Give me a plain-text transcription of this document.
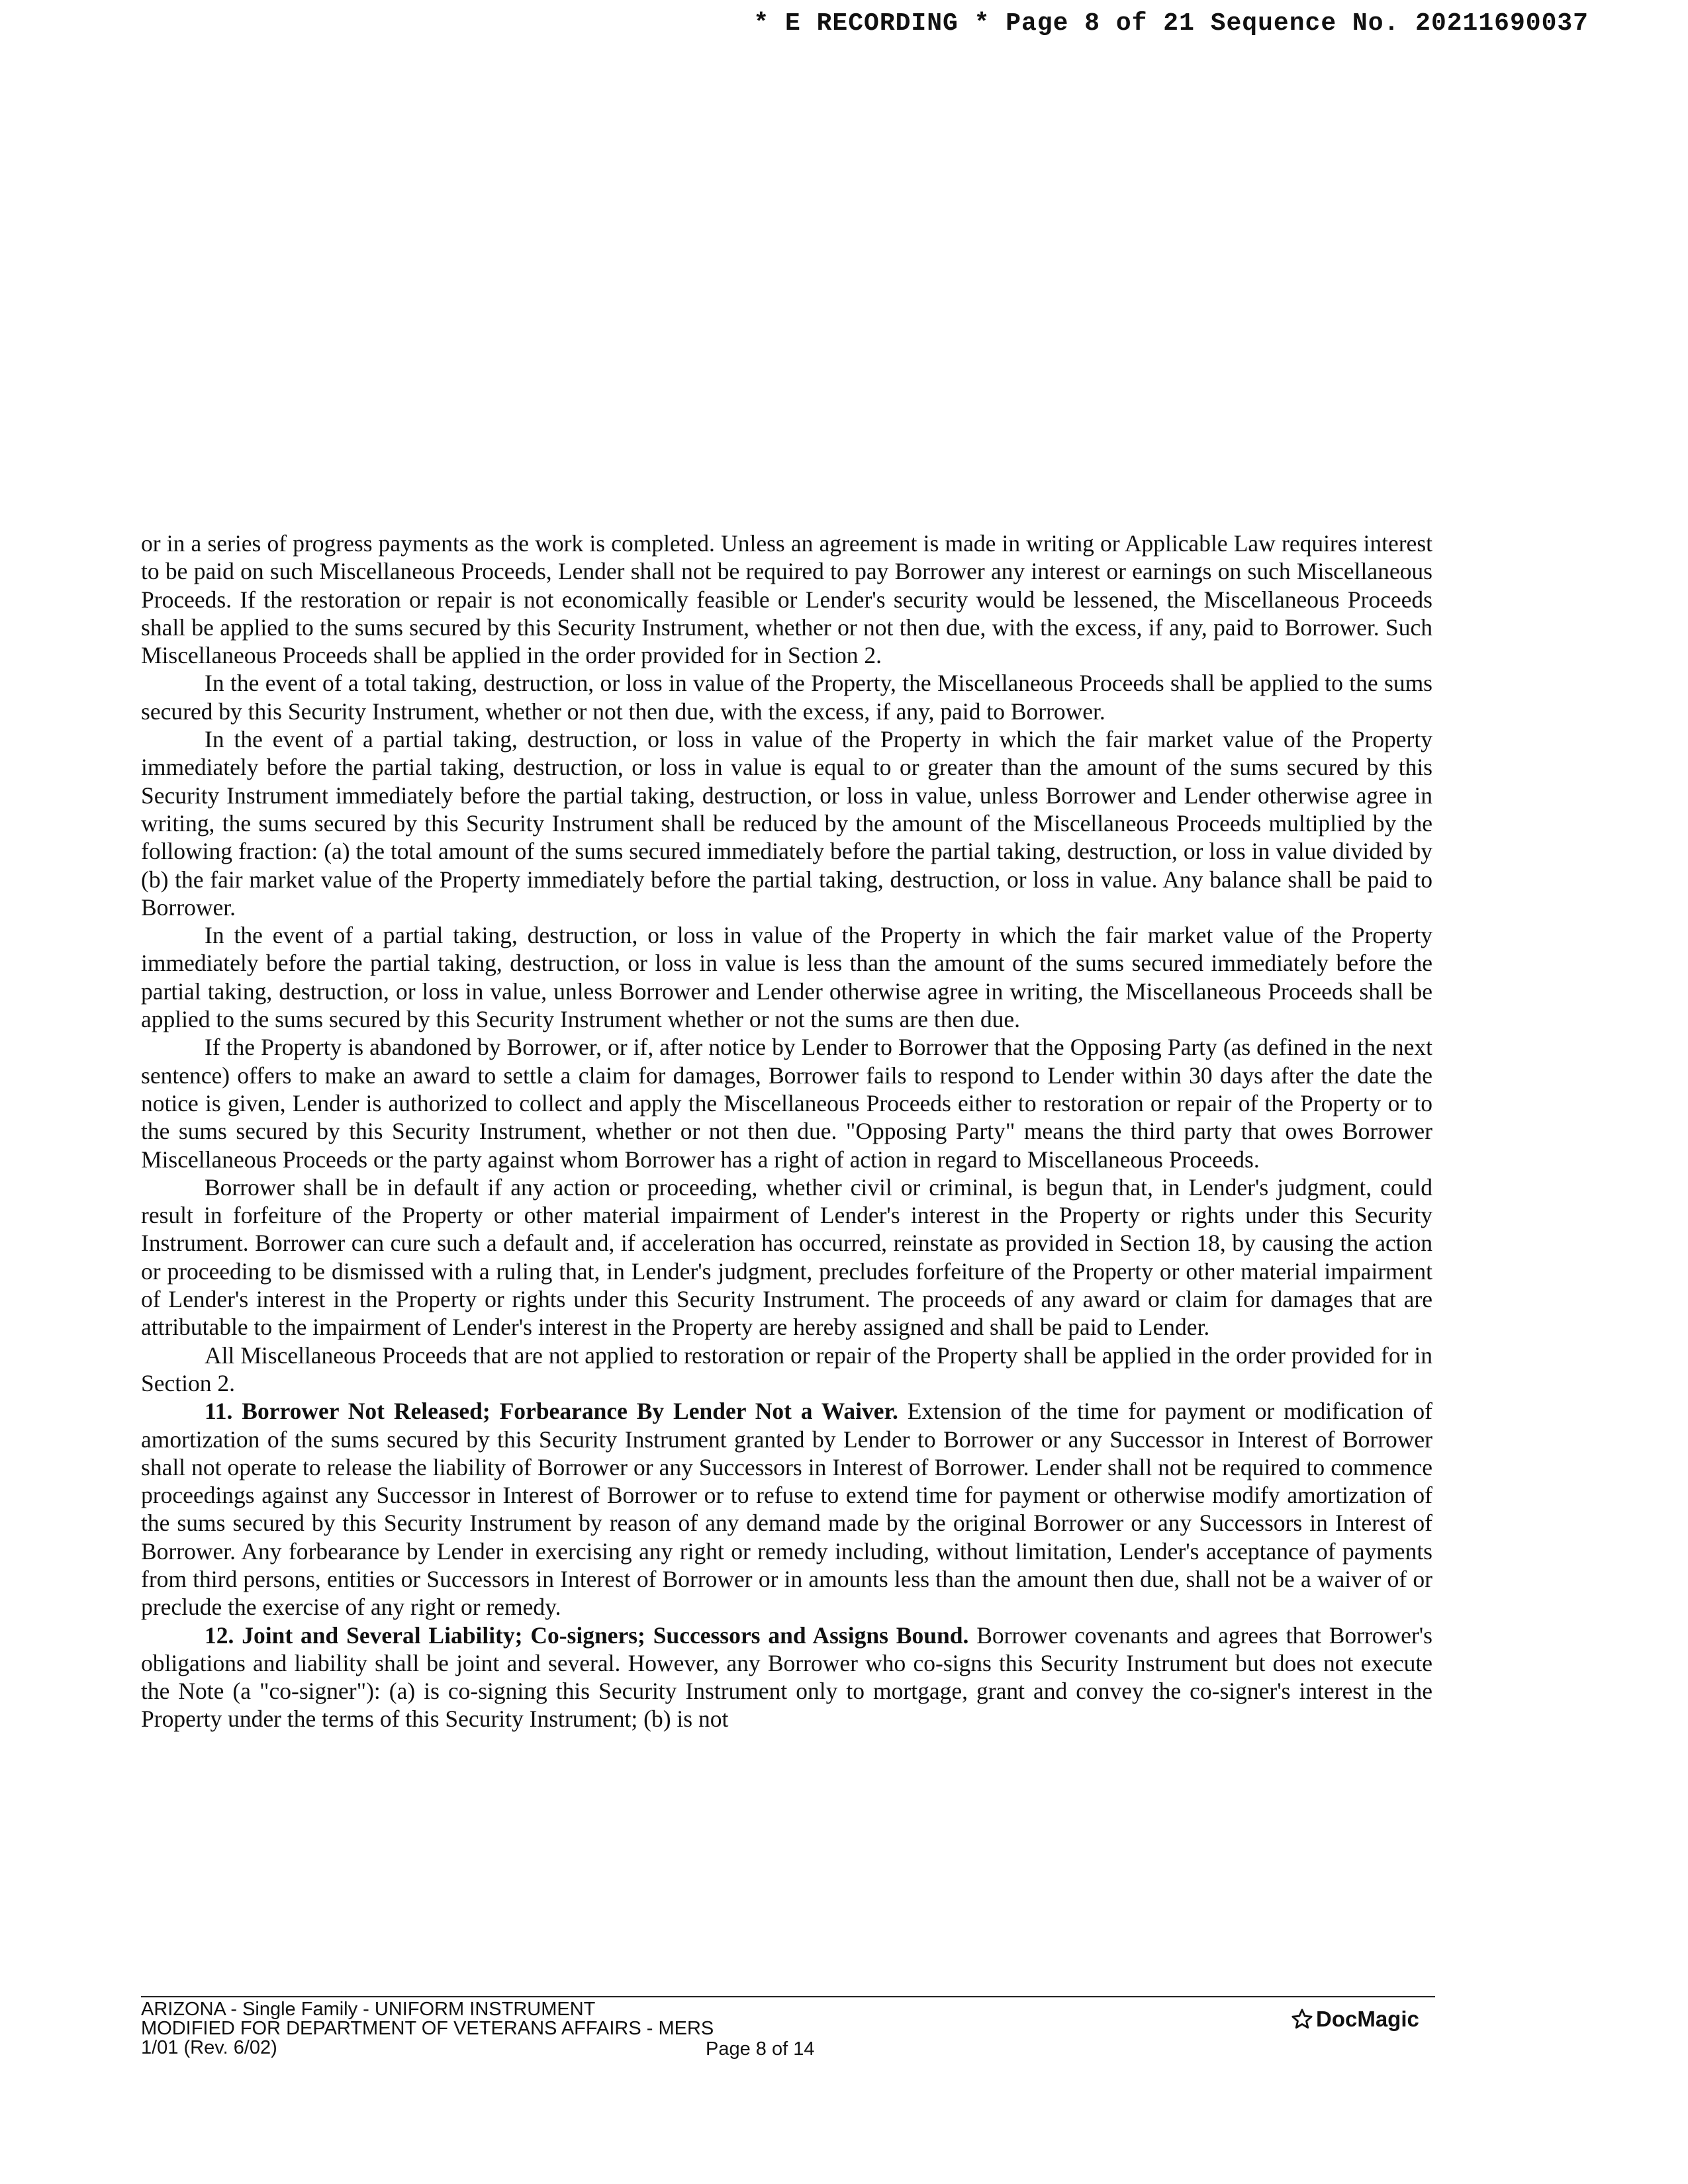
* E RECORDING * Page 8 of 21 Sequence No. 20211690037

or in a series of progress payments as the work is completed. Unless an agreement is made in writing or Applicable Law requires interest to be paid on such Miscellaneous Proceeds, Lender shall not be required to pay Borrower any interest or earnings on such Miscellaneous Proceeds. If the restoration or repair is not economically feasible or Lender's security would be lessened, the Miscellaneous Proceeds shall be applied to the sums secured by this Security Instrument, whether or not then due, with the excess, if any, paid to Borrower. Such Miscellaneous Proceeds shall be applied in the order provided for in Section 2.

In the event of a total taking, destruction, or loss in value of the Property, the Miscellaneous Proceeds shall be applied to the sums secured by this Security Instrument, whether or not then due, with the excess, if any, paid to Borrower.

In the event of a partial taking, destruction, or loss in value of the Property in which the fair market value of the Property immediately before the partial taking, destruction, or loss in value is equal to or greater than the amount of the sums secured by this Security Instrument immediately before the partial taking, destruction, or loss in value, unless Borrower and Lender otherwise agree in writing, the sums secured by this Security Instrument shall be reduced by the amount of the Miscellaneous Proceeds multiplied by the following fraction: (a) the total amount of the sums secured immediately before the partial taking, destruction, or loss in value divided by (b) the fair market value of the Property immediately before the partial taking, destruction, or loss in value. Any balance shall be paid to Borrower.

In the event of a partial taking, destruction, or loss in value of the Property in which the fair market value of the Property immediately before the partial taking, destruction, or loss in value is less than the amount of the sums secured immediately before the partial taking, destruction, or loss in value, unless Borrower and Lender otherwise agree in writing, the Miscellaneous Proceeds shall be applied to the sums secured by this Security Instrument whether or not the sums are then due.

If the Property is abandoned by Borrower, or if, after notice by Lender to Borrower that the Opposing Party (as defined in the next sentence) offers to make an award to settle a claim for damages, Borrower fails to respond to Lender within 30 days after the date the notice is given, Lender is authorized to collect and apply the Miscellaneous Proceeds either to restoration or repair of the Property or to the sums secured by this Security Instrument, whether or not then due. "Opposing Party" means the third party that owes Borrower Miscellaneous Proceeds or the party against whom Borrower has a right of action in regard to Miscellaneous Proceeds.

Borrower shall be in default if any action or proceeding, whether civil or criminal, is begun that, in Lender's judgment, could result in forfeiture of the Property or other material impairment of Lender's interest in the Property or rights under this Security Instrument. Borrower can cure such a default and, if acceleration has occurred, reinstate as provided in Section 18, by causing the action or proceeding to be dismissed with a ruling that, in Lender's judgment, precludes forfeiture of the Property or other material impairment of Lender's interest in the Property or rights under this Security Instrument. The proceeds of any award or claim for damages that are attributable to the impairment of Lender's interest in the Property are hereby assigned and shall be paid to Lender.

All Miscellaneous Proceeds that are not applied to restoration or repair of the Property shall be applied in the order provided for in Section 2.

11. Borrower Not Released; Forbearance By Lender Not a Waiver. Extension of the time for payment or modification of amortization of the sums secured by this Security Instrument granted by Lender to Borrower or any Successor in Interest of Borrower shall not operate to release the liability of Borrower or any Successors in Interest of Borrower. Lender shall not be required to commence proceedings against any Successor in Interest of Borrower or to refuse to extend time for payment or otherwise modify amortization of the sums secured by this Security Instrument by reason of any demand made by the original Borrower or any Successors in Interest of Borrower. Any forbearance by Lender in exercising any right or remedy including, without limitation, Lender's acceptance of payments from third persons, entities or Successors in Interest of Borrower or in amounts less than the amount then due, shall not be a waiver of or preclude the exercise of any right or remedy.

12. Joint and Several Liability; Co-signers; Successors and Assigns Bound. Borrower covenants and agrees that Borrower's obligations and liability shall be joint and several. However, any Borrower who co-signs this Security Instrument but does not execute the Note (a "co-signer"): (a) is co-signing this Security Instrument only to mortgage, grant and convey the co-signer's interest in the Property under the terms of this Security Instrument; (b) is not

ARIZONA - Single Family - UNIFORM INSTRUMENT
MODIFIED FOR DEPARTMENT OF VETERANS AFFAIRS - MERS
1/01 (Rev. 6/02)	Page 8 of 14
DocMagic
